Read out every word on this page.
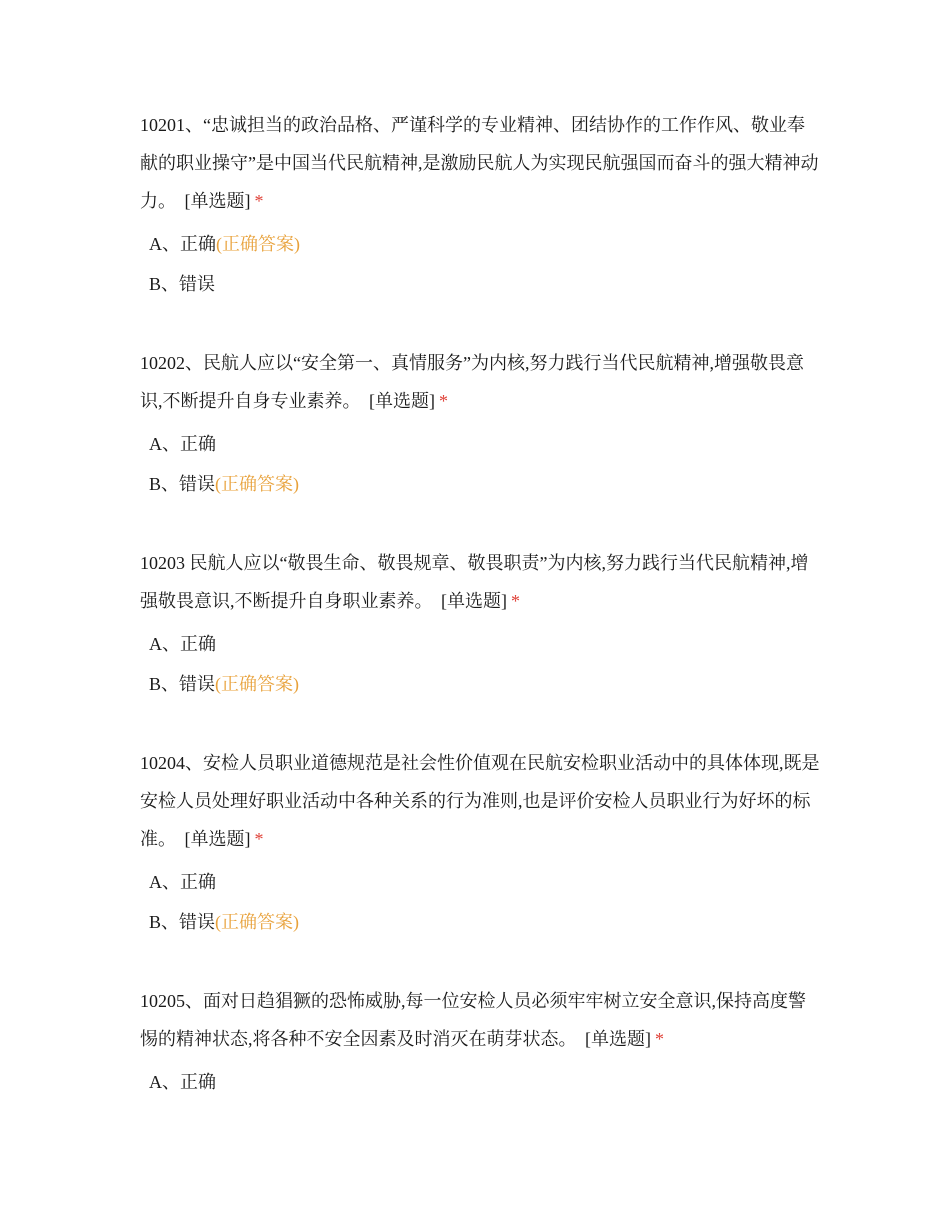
10201、“忠诚担当的政治品格、严谨科学的专业精神、团结协作的工作作风、敬业奉献的职业操守”是中国当代民航精神,是激励民航人为实现民航强国而奋斗的强大精神动力。 [单选题] *

A、正确(正确答案)
B、错误

10202、民航人应以“安全第一、真情服务”为内核,努力践行当代民航精神,增强敬畏意识,不断提升自身专业素养。 [单选题] *

A、正确
B、错误(正确答案)

10203 民航人应以“敬畏生命、敬畏规章、敬畏职责”为内核,努力践行当代民航精神,增强敬畏意识,不断提升自身职业素养。 [单选题] *

A、正确
B、错误(正确答案)

10204、安检人员职业道德规范是社会性价值观在民航安检职业活动中的具体体现,既是安检人员处理好职业活动中各种关系的行为准则,也是评价安检人员职业行为好坏的标准。 [单选题] *

A、正确
B、错误(正确答案)

10205、面对日趋猖獗的恐怖威胁,每一位安检人员必须牢牢树立安全意识,保持高度警惕的精神状态,将各种不安全因素及时消灭在萌芽状态。 [单选题] *

A、正确
